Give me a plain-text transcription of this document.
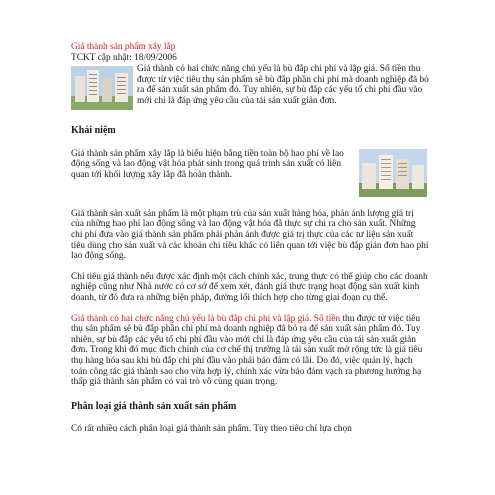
Giá thành sản phẩm xây lắp

TCKT cập nhật: 18/09/2006

Giá thành có hai chức năng chủ yếu là bù đắp chi phí và lập giá. Số tiền thu được từ việc tiêu thụ sản phẩm sẽ bù đắp phần chi phí mà doanh nghiệp đã bỏ ra để sản xuất sản phẩm đó. Tuy nhiên, sự bù đắp các yếu tố chi phí đầu vào mới chỉ là đáp ứng yêu cầu của tái sản xuất giản đơn.

Khái niệm

Giá thành sản phẩm xây lắp là biểu hiện bằng tiền toàn bộ hao phí về lao động sống và lao động vật hóa phát sinh trong quá trình sản xuất có liên quan tới khối lượng xây lắp đã hoàn thành.

Giá thành sản xuất sản phẩm là một phạm trù của sản xuất hàng hóa, phản ánh lượng giá trị của những hao phí lao động sống và lao động vật hóa đã thực sự chi ra cho sản xuất. Những chi phí đưa vào giá thành sản phẩm phải phản ánh được giá trị thực của các tư liệu sản xuất tiêu dùng cho sản xuất và các khoản chi tiêu khác có liên quan tới việc bù đắp giản đơn hao phí lao động sống.

Chỉ tiêu giá thành nếu được xác định một cách chính xác, trung thực có thể giúp cho các doanh nghiệp cũng như Nhà nước có cơ sở để xem xét, đánh giá thực trạng hoạt động sản xuất kinh doanh, từ đó đưa ra những biện pháp, đường lối thích hợp cho từng giai đoạn cụ thể.

Giá thành có hai chức năng chủ yếu là bù đắp chi phí và lập giá. Số tiền thu được từ việc tiêu thụ sản phẩm sẽ bù đắp phần chi phí mà doanh nghiệp đã bỏ ra để sản xuất sản phẩm đó. Tuy nhiên, sự bù đắp các yếu tố chi phí đầu vào mới chỉ là đáp ứng yêu cầu của tái sản xuất giản đơn. Trong khi đó mục đích chính của cơ chế thị trường là tái sản xuất mở rộng tức là giá tiêu thụ hàng hóa sau khi bù đắp chi phí đầu vào phải bảo đảm có lãi. Do đó, việc quản lý, hạch toán công tác giá thành sao cho vừa hợp lý, chính xác vừa bảo đảm vạch ra phương hướng hạ thấp giá thành sản phẩm có vai trò vô cùng quan trọng.

Phân loại giá thành sản xuất sản phẩm

Có rất nhiều cách phân loại giá thành sản phẩm. Tùy theo tiêu chí lựa chọn
